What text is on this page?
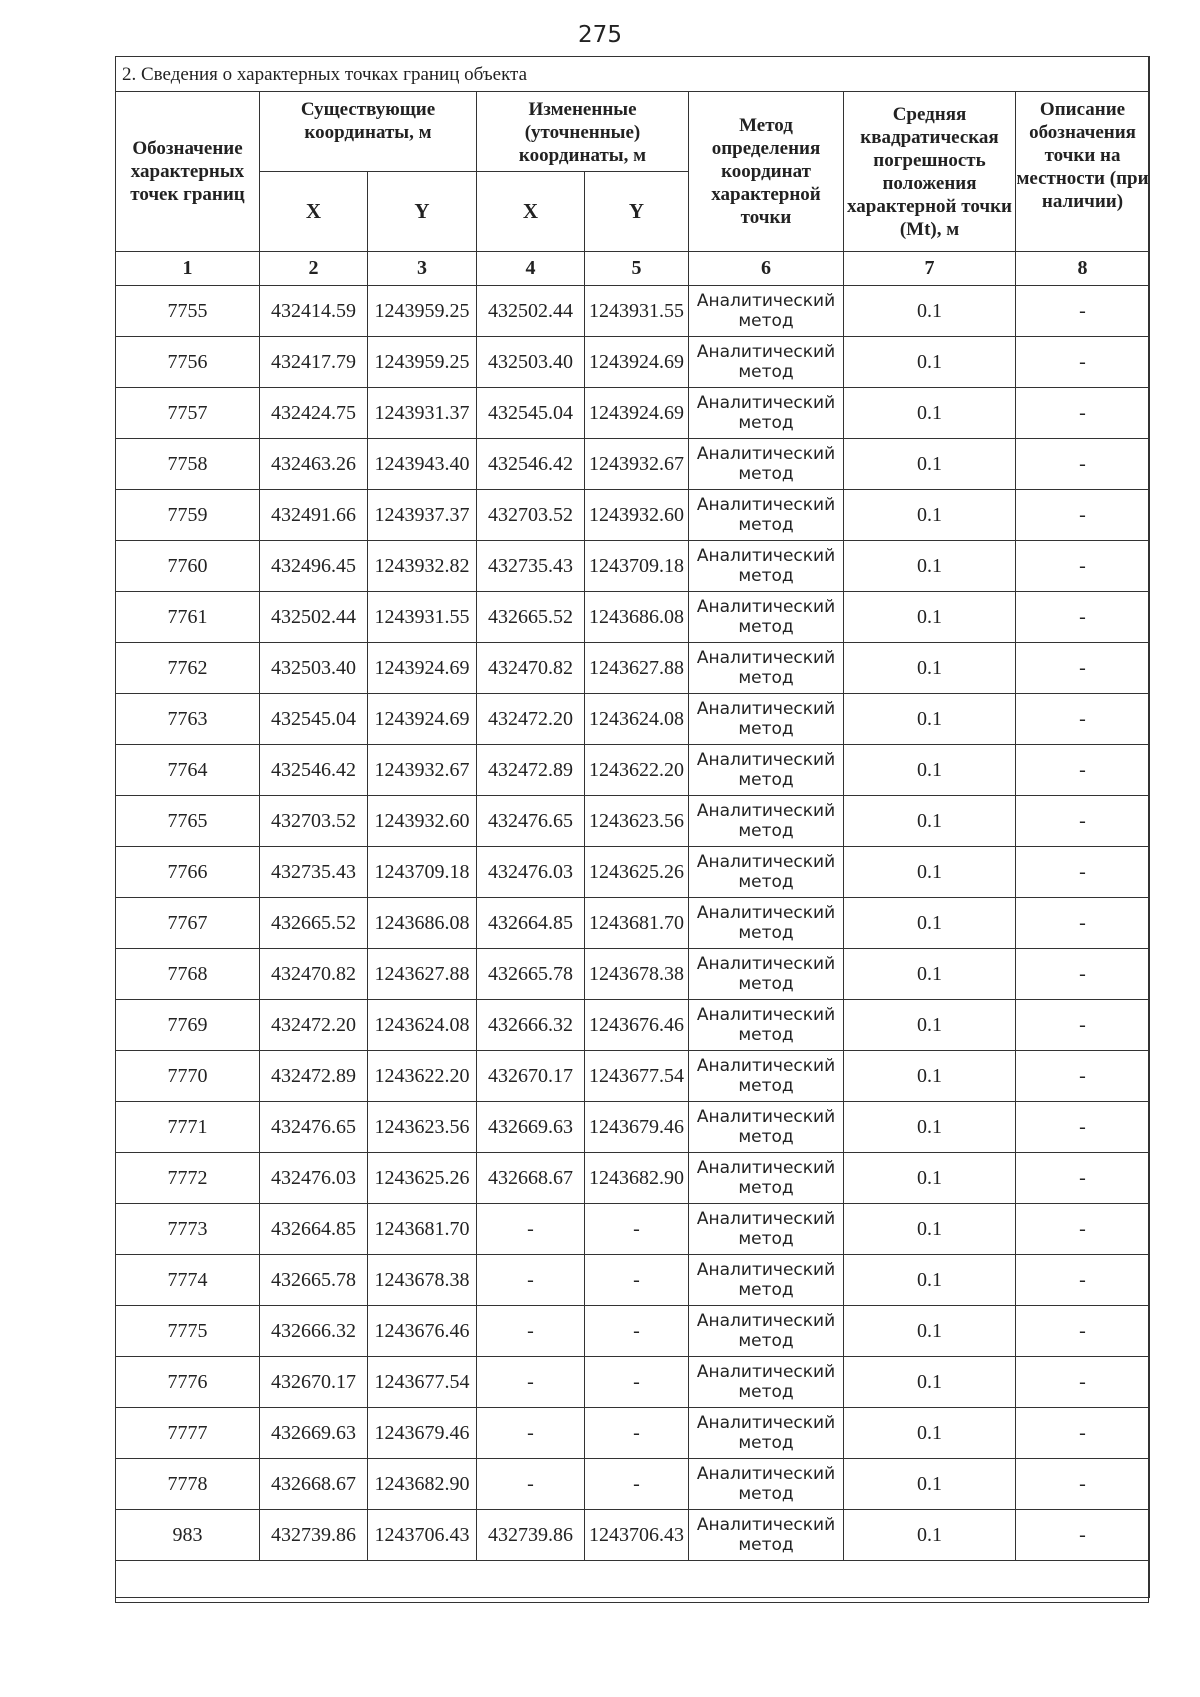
275
2. Сведения о характерных точках границ объекта							
Обозначение характерных точек границ	Существующие координаты, м		Измененные (уточненные) координаты, м		Метод определения координат характерной точки	Средняя квадратическая погрешность положения характерной точки (Mt), м	Описание обозначения точки на местности (при наличии)
	X	Y	X	Y			
1	2	3	4	5	6	7	8
7755	432414.59	1243959.25	432502.44	1243931.55	Аналитический метод	0.1	-
7756	432417.79	1243959.25	432503.40	1243924.69	Аналитический метод	0.1	-
7757	432424.75	1243931.37	432545.04	1243924.69	Аналитический метод	0.1	-
7758	432463.26	1243943.40	432546.42	1243932.67	Аналитический метод	0.1	-
7759	432491.66	1243937.37	432703.52	1243932.60	Аналитический метод	0.1	-
7760	432496.45	1243932.82	432735.43	1243709.18	Аналитический метод	0.1	-
7761	432502.44	1243931.55	432665.52	1243686.08	Аналитический метод	0.1	-
7762	432503.40	1243924.69	432470.82	1243627.88	Аналитический метод	0.1	-
7763	432545.04	1243924.69	432472.20	1243624.08	Аналитический метод	0.1	-
7764	432546.42	1243932.67	432472.89	1243622.20	Аналитический метод	0.1	-
7765	432703.52	1243932.60	432476.65	1243623.56	Аналитический метод	0.1	-
7766	432735.43	1243709.18	432476.03	1243625.26	Аналитический метод	0.1	-
7767	432665.52	1243686.08	432664.85	1243681.70	Аналитический метод	0.1	-
7768	432470.82	1243627.88	432665.78	1243678.38	Аналитический метод	0.1	-
7769	432472.20	1243624.08	432666.32	1243676.46	Аналитический метод	0.1	-
7770	432472.89	1243622.20	432670.17	1243677.54	Аналитический метод	0.1	-
7771	432476.65	1243623.56	432669.63	1243679.46	Аналитический метод	0.1	-
7772	432476.03	1243625.26	432668.67	1243682.90	Аналитический метод	0.1	-
7773	432664.85	1243681.70	-	-	Аналитический метод	0.1	-
7774	432665.78	1243678.38	-	-	Аналитический метод	0.1	-
7775	432666.32	1243676.46	-	-	Аналитический метод	0.1	-
7776	432670.17	1243677.54	-	-	Аналитический метод	0.1	-
7777	432669.63	1243679.46	-	-	Аналитический метод	0.1	-
7778	432668.67	1243682.90	-	-	Аналитический метод	0.1	-
983	432739.86	1243706.43	432739.86	1243706.43	Аналитический метод	0.1	-
